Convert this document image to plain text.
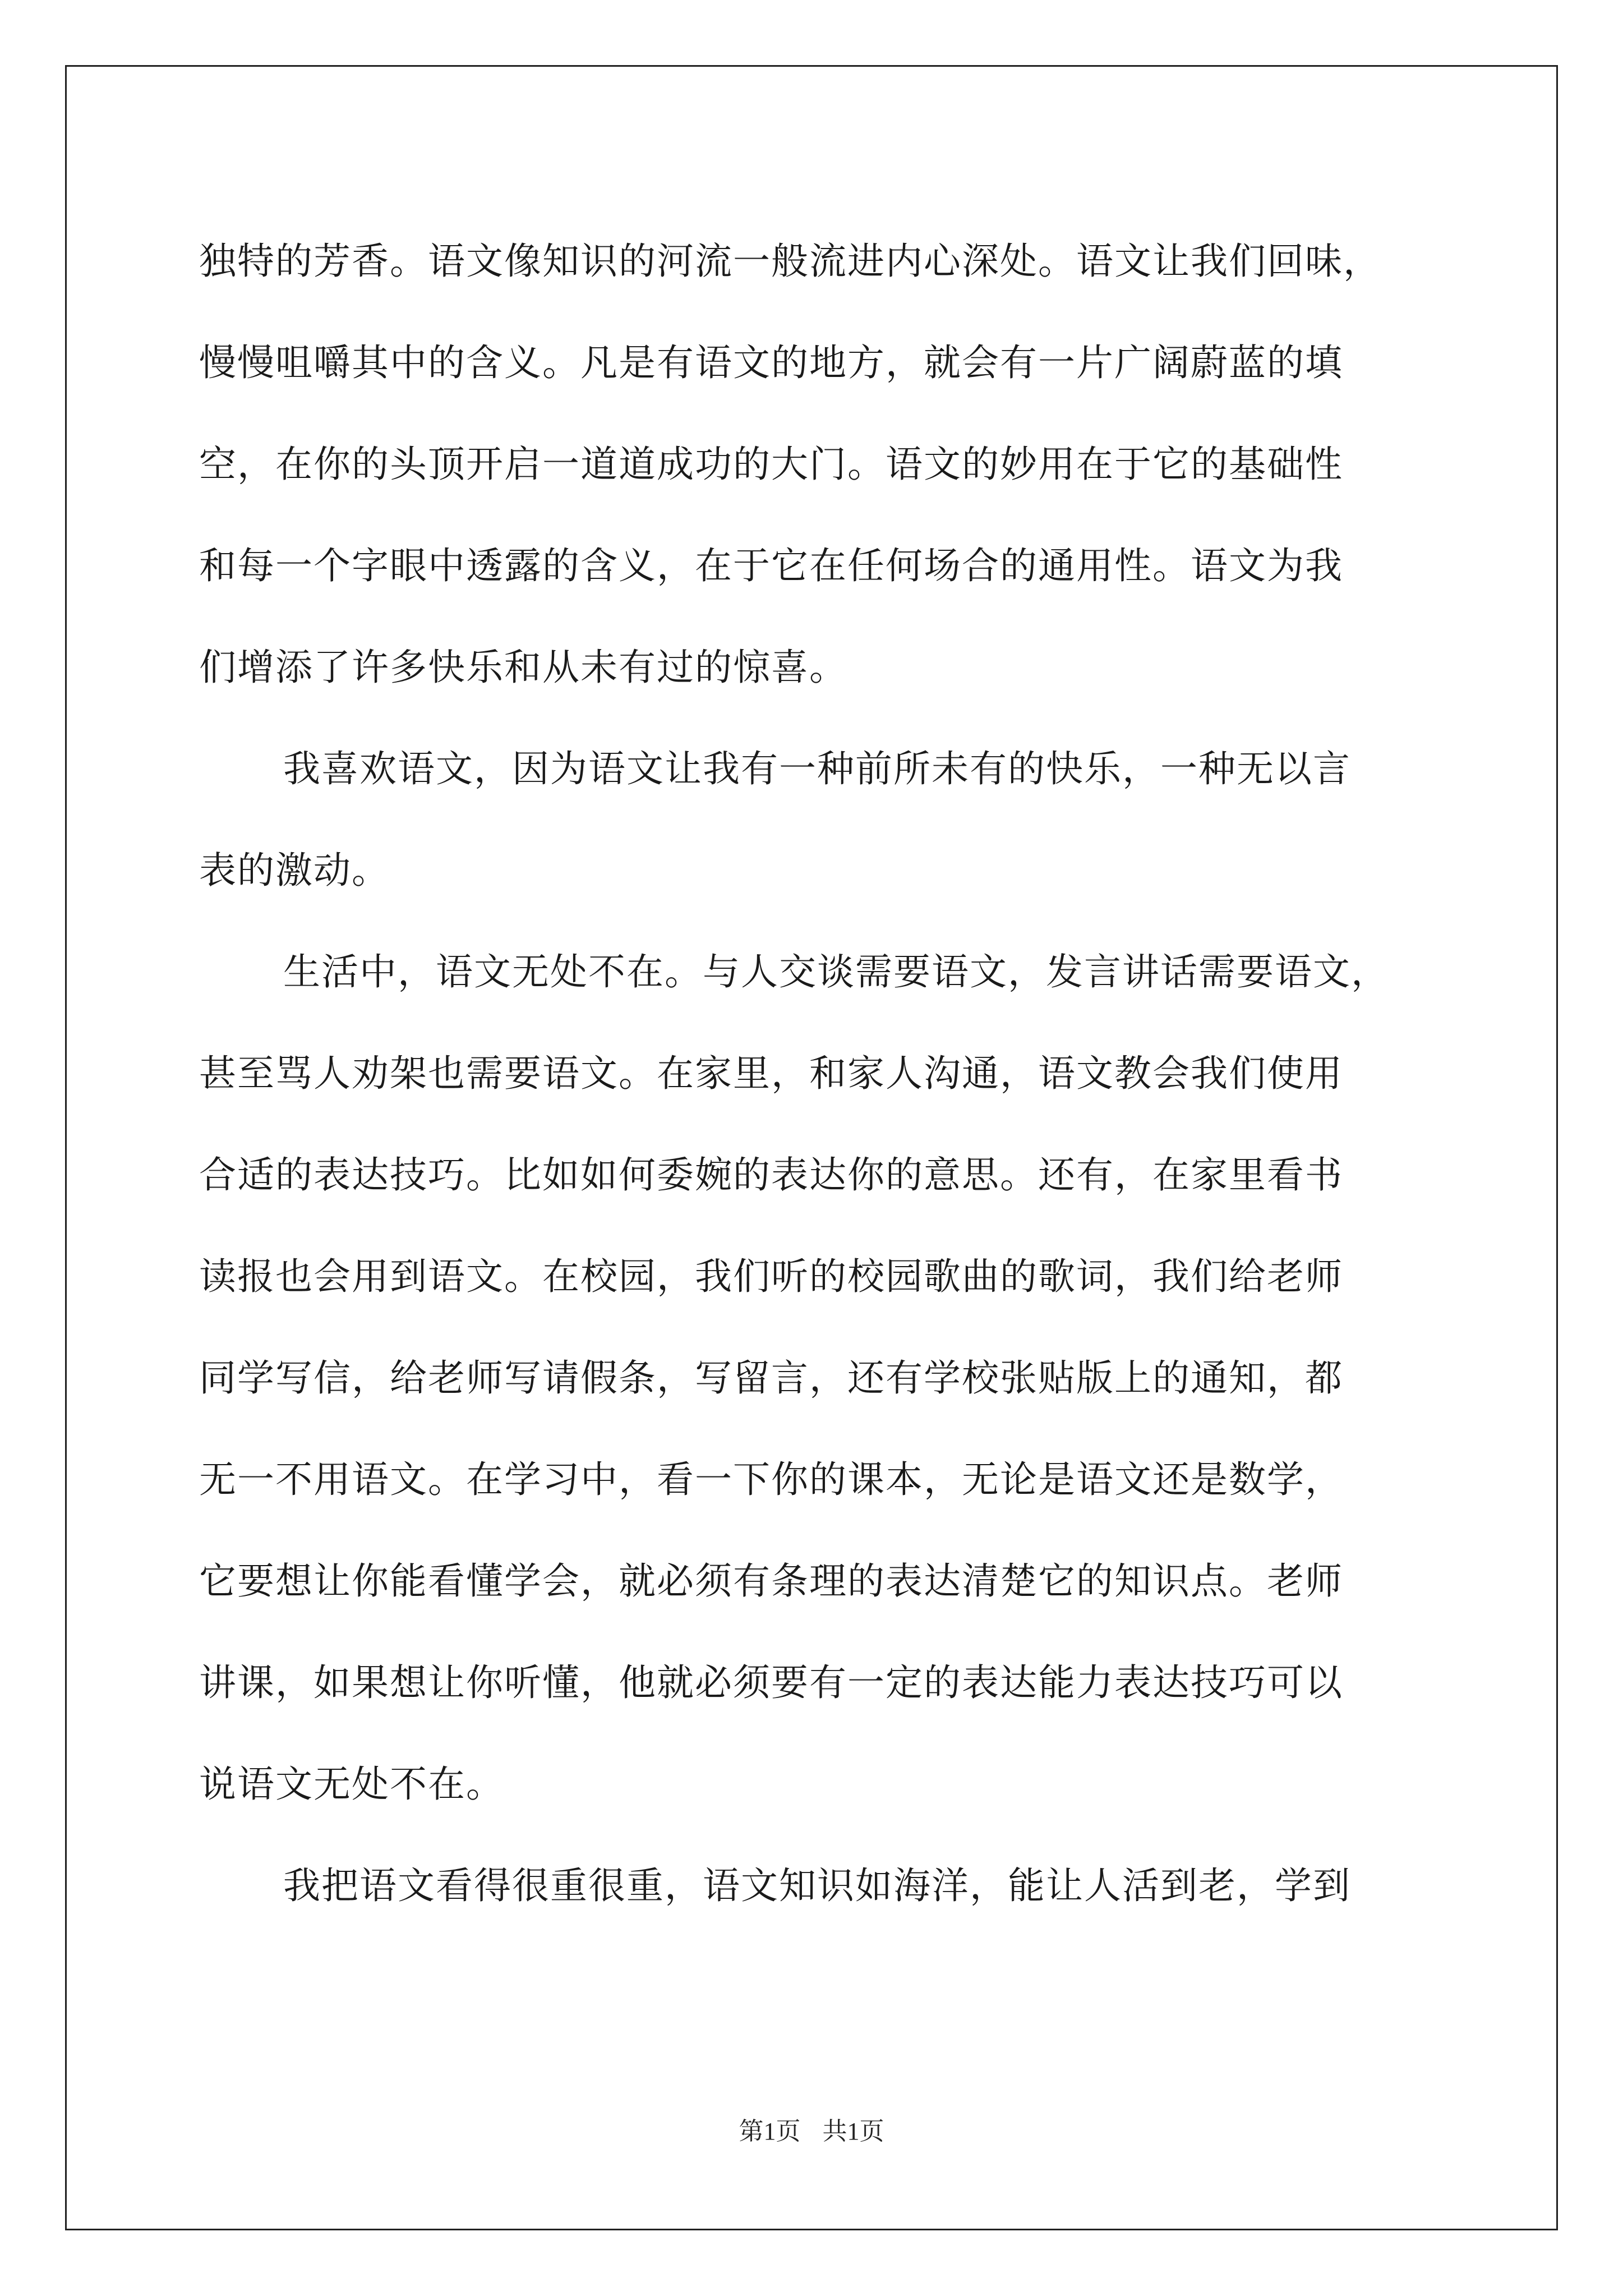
独特的芳香。语文像知识的河流一般流进内心深处。语文让我们回味，
慢慢咀嚼其中的含义。凡是有语文的地方，就会有一片广阔蔚蓝的填
空，在你的头顶开启一道道成功的大门。语文的妙用在于它的基础性
和每一个字眼中透露的含义，在于它在任何场合的通用性。语文为我
们增添了许多快乐和从未有过的惊喜。
我喜欢语文，因为语文让我有一种前所未有的快乐，一种无以言
表的激动。
生活中，语文无处不在。与人交谈需要语文，发言讲话需要语文，
甚至骂人劝架也需要语文。在家里，和家人沟通，语文教会我们使用
合适的表达技巧。比如如何委婉的表达你的意思。还有，在家里看书
读报也会用到语文。在校园，我们听的校园歌曲的歌词，我们给老师
同学写信，给老师写请假条，写留言，还有学校张贴版上的通知，都
无一不用语文。在学习中，看一下你的课本，无论是语文还是数学，
它要想让你能看懂学会，就必须有条理的表达清楚它的知识点。老师
讲课，如果想让你听懂，他就必须要有一定的表达能力表达技巧可以
说语文无处不在。
我把语文看得很重很重，语文知识如海洋，能让人活到老，学到
第1页 共1页
